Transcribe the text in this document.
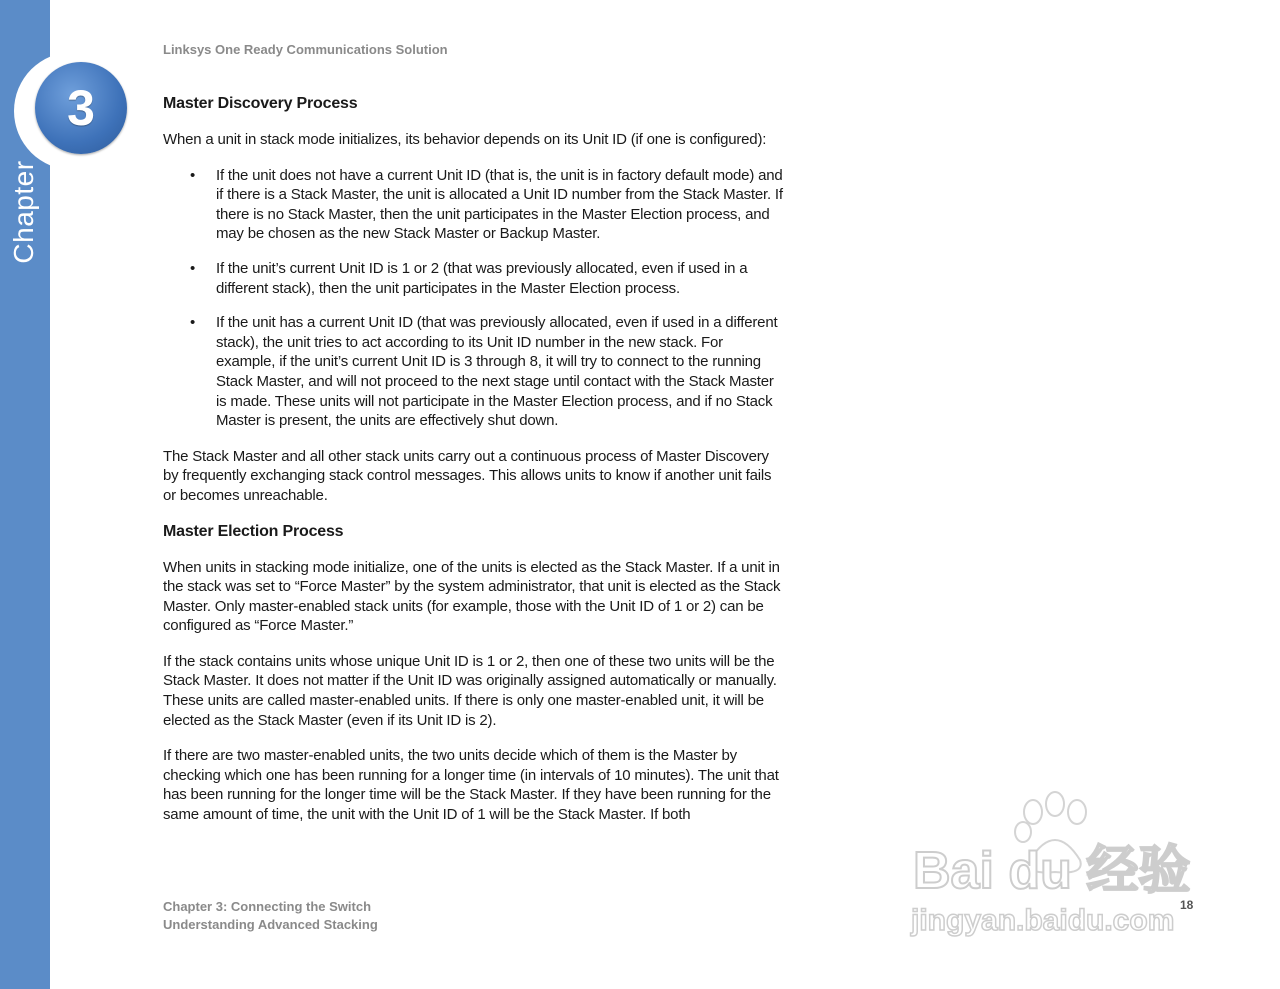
3
Chapter
Linksys One Ready Communications Solution
Master Discovery Process

When a unit in stack mode initializes, its behavior depends on its Unit ID (if one is configured):

• If the unit does not have a current Unit ID (that is, the unit is in factory default mode) and if there is a Stack Master, the unit is allocated a Unit ID number from the Stack Master. If there is no Stack Master, then the unit participates in the Master Election process, and may be chosen as the new Stack Master or Backup Master.
• If the unit’s current Unit ID is 1 or 2 (that was previously allocated, even if used in a different stack), then the unit participates in the Master Election process.
• If the unit has a current Unit ID (that was previously allocated, even if used in a different stack), the unit tries to act according to its Unit ID number in the new stack. For example, if the unit’s current Unit ID is 3 through 8, it will try to connect to the running Stack Master, and will not proceed to the next stage until contact with the Stack Master is made. These units will not participate in the Master Election process, and if no Stack Master is present, the units are effectively shut down.

The Stack Master and all other stack units carry out a continuous process of Master Discovery by frequently exchanging stack control messages. This allows units to know if another unit fails or becomes unreachable.

Master Election Process

When units in stacking mode initialize, one of the units is elected as the Stack Master. If a unit in the stack was set to “Force Master” by the system administrator, that unit is elected as the Stack Master. Only master-enabled stack units (for example, those with the Unit ID of 1 or 2) can be configured as “Force Master.”

If the stack contains units whose unique Unit ID is 1 or 2, then one of these two units will be the Stack Master. It does not matter if the Unit ID was originally assigned automatically or manually. These units are called master-enabled units. If there is only one master-enabled unit, it will be elected as the Stack Master (even if its Unit ID is 2).

If there are two master-enabled units, the two units decide which of them is the Master by checking which one has been running for a longer time (in intervals of 10 minutes). The unit that has been running for the longer time will be the Stack Master. If they have been running for the same amount of time, the unit with the Unit ID of 1 will be the Stack Master. If both

Chapter 3: Connecting the Switch
Understanding Advanced Stacking
18
Bai du 经验
jingyan.baidu.com
